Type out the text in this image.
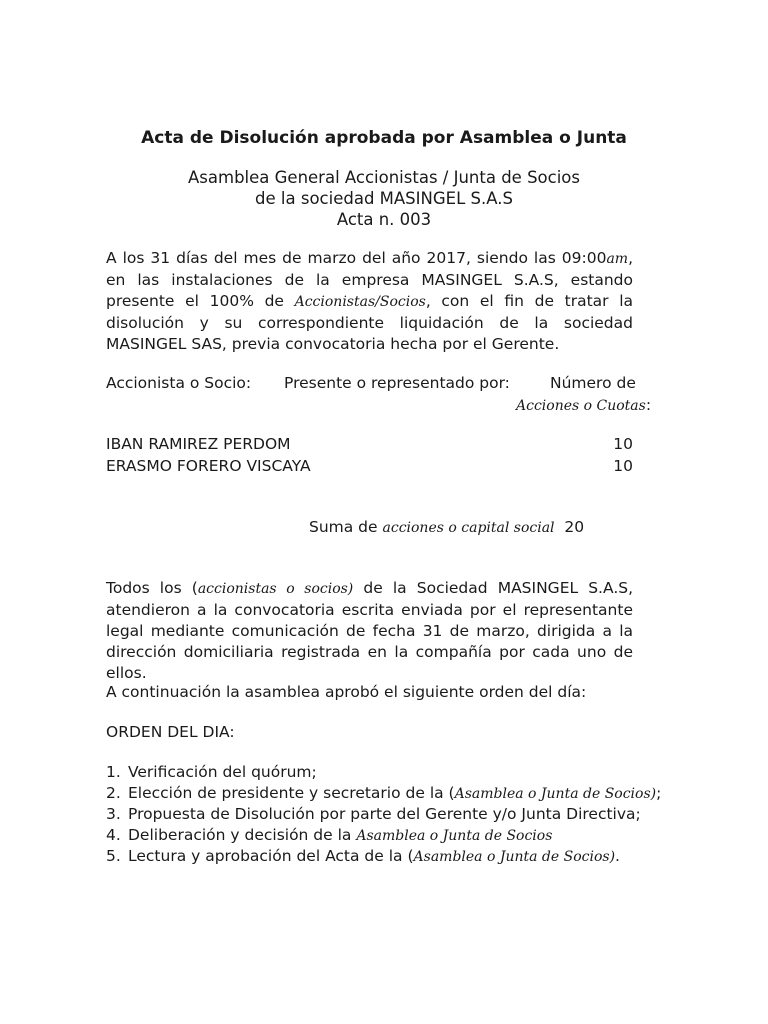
Acta de Disolución aprobada por Asamblea o Junta
Asamblea General Accionistas / Junta de Socios
de la sociedad MASINGEL S.A.S
Acta n. 003
A los 31 días del mes de marzo del año 2017, siendo las 09:00am, en las instalaciones de la empresa MASINGEL S.A.S, estando presente el 100% de Accionistas/Socios, con el fin de tratar la disolución y su correspondiente liquidación de la sociedad MASINGEL SAS, previa convocatoria hecha por el Gerente.
Accionista o Socio: Presente o representado por:	Número de
Acciones o Cuotas:
IBAN RAMIREZ PERDOM	10
ERASMO FORERO VISCAYA	10
Suma de acciones o capital social 20
Todos los (accionistas o socios) de la Sociedad MASINGEL S.A.S, atendieron a la convocatoria escrita enviada por el representante legal mediante comunicación de fecha 31 de marzo, dirigida a la dirección domiciliaria registrada en la compañía por cada uno de ellos.
A continuación la asamblea aprobó el siguiente orden del día:
ORDEN DEL DIA:
1. Verificación del quórum;
2. Elección de presidente y secretario de la (Asamblea o Junta de Socios);
3. Propuesta de Disolución por parte del Gerente y/o Junta Directiva;
4. Deliberación y decisión de la Asamblea o Junta de Socios
5. Lectura y aprobación del Acta de la (Asamblea o Junta de Socios).
